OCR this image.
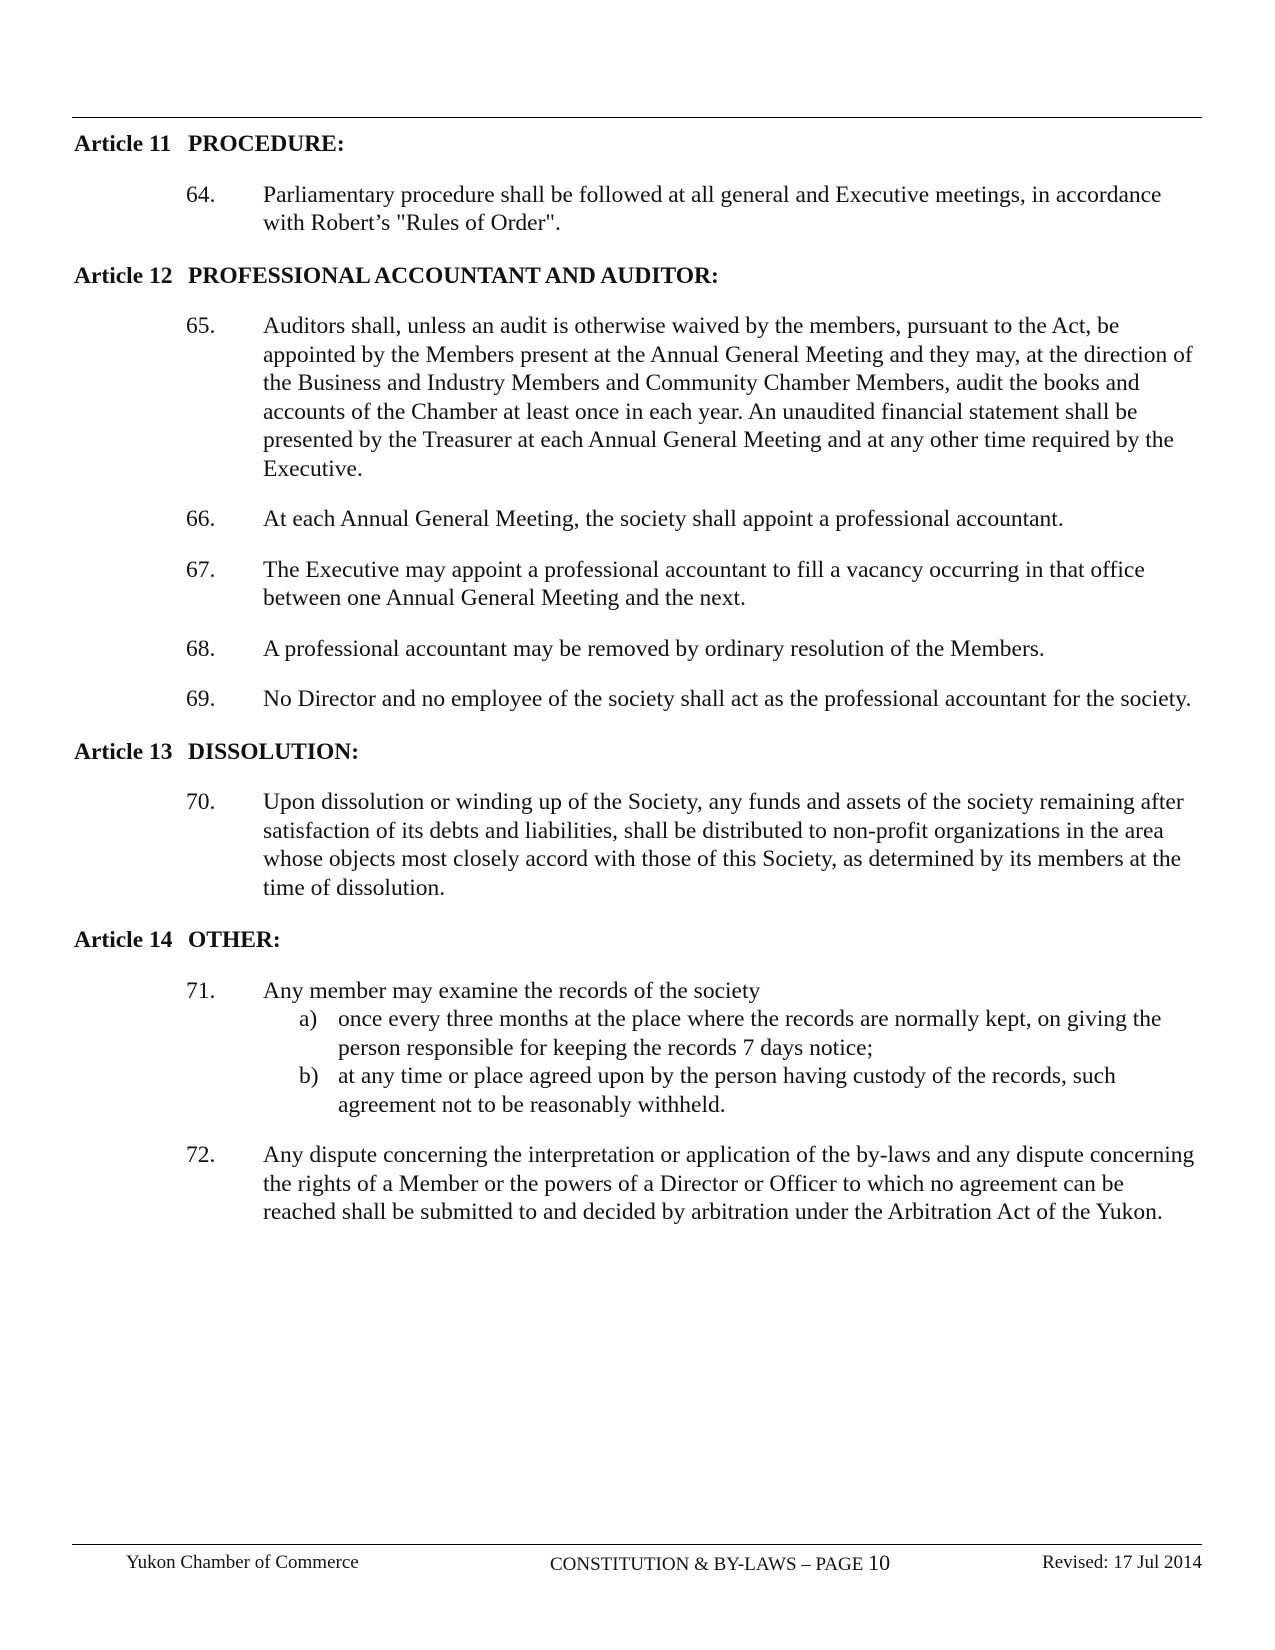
Article 11 PROCEDURE:
64. Parliamentary procedure shall be followed at all general and Executive meetings, in accordance with Robert’s "Rules of Order".
Article 12 PROFESSIONAL ACCOUNTANT AND AUDITOR:
65. Auditors shall, unless an audit is otherwise waived by the members, pursuant to the Act, be appointed by the Members present at the Annual General Meeting and they may, at the direction of the Business and Industry Members and Community Chamber Members, audit the books and accounts of the Chamber at least once in each year. An unaudited financial statement shall be presented by the Treasurer at each Annual General Meeting and at any other time required by the Executive.
66. At each Annual General Meeting, the society shall appoint a professional accountant.
67. The Executive may appoint a professional accountant to fill a vacancy occurring in that office between one Annual General Meeting and the next.
68. A professional accountant may be removed by ordinary resolution of the Members.
69. No Director and no employee of the society shall act as the professional accountant for the society.
Article 13 DISSOLUTION:
70. Upon dissolution or winding up of the Society, any funds and assets of the society remaining after satisfaction of its debts and liabilities, shall be distributed to non-profit organizations in the area whose objects most closely accord with those of this Society, as determined by its members at the time of dissolution.
Article 14 OTHER:
71. Any member may examine the records of the society
a) once every three months at the place where the records are normally kept, on giving the person responsible for keeping the records 7 days notice;
b) at any time or place agreed upon by the person having custody of the records, such agreement not to be reasonably withheld.
72. Any dispute concerning the interpretation or application of the by-laws and any dispute concerning the rights of a Member or the powers of a Director or Officer to which no agreement can be reached shall be submitted to and decided by arbitration under the Arbitration Act of the Yukon.
Yukon Chamber of Commerce	CONSTITUTION & BY-LAWS – PAGE 10	Revised: 17 Jul 2014
